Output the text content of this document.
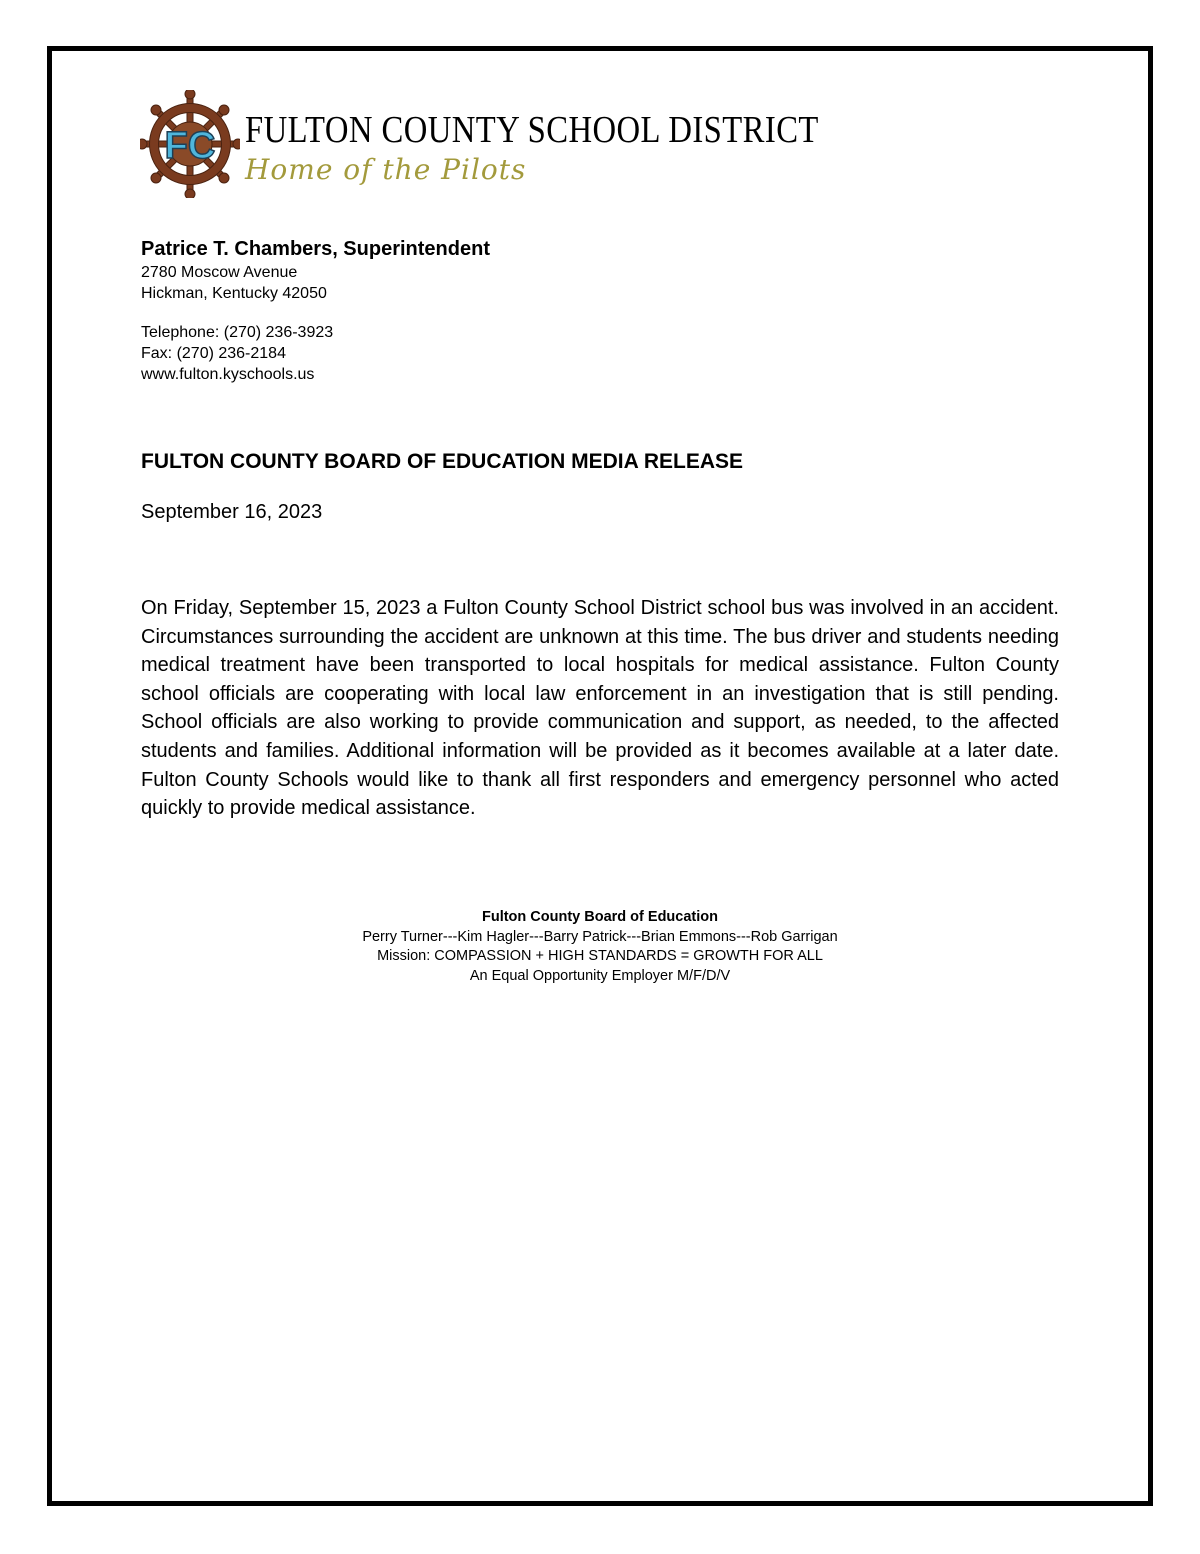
FC FULTON COUNTY SCHOOL DISTRICT
Home of the Pilots
Patrice T. Chambers, Superintendent
2780 Moscow Avenue
Hickman, Kentucky 42050
Telephone: (270) 236-3923
Fax: (270) 236-2184
www.fulton.kyschools.us
FULTON COUNTY BOARD OF EDUCATION MEDIA RELEASE
September 16, 2023

On Friday, September 15, 2023 a Fulton County School District school bus was involved in an accident. Circumstances surrounding the accident are unknown at this time. The bus driver and students needing medical treatment have been transported to local hospitals for medical assistance. Fulton County school officials are cooperating with local law enforcement in an investigation that is still pending. School officials are also working to provide communication and support, as needed, to the affected students and families. Additional information will be provided as it becomes available at a later date. Fulton County Schools would like to thank all first responders and emergency personnel who acted quickly to provide medical assistance.

Fulton County Board of Education
Perry Turner---Kim Hagler---Barry Patrick---Brian Emmons---Rob Garrigan
Mission: COMPASSION + HIGH STANDARDS = GROWTH FOR ALL
An Equal Opportunity Employer M/F/D/V
